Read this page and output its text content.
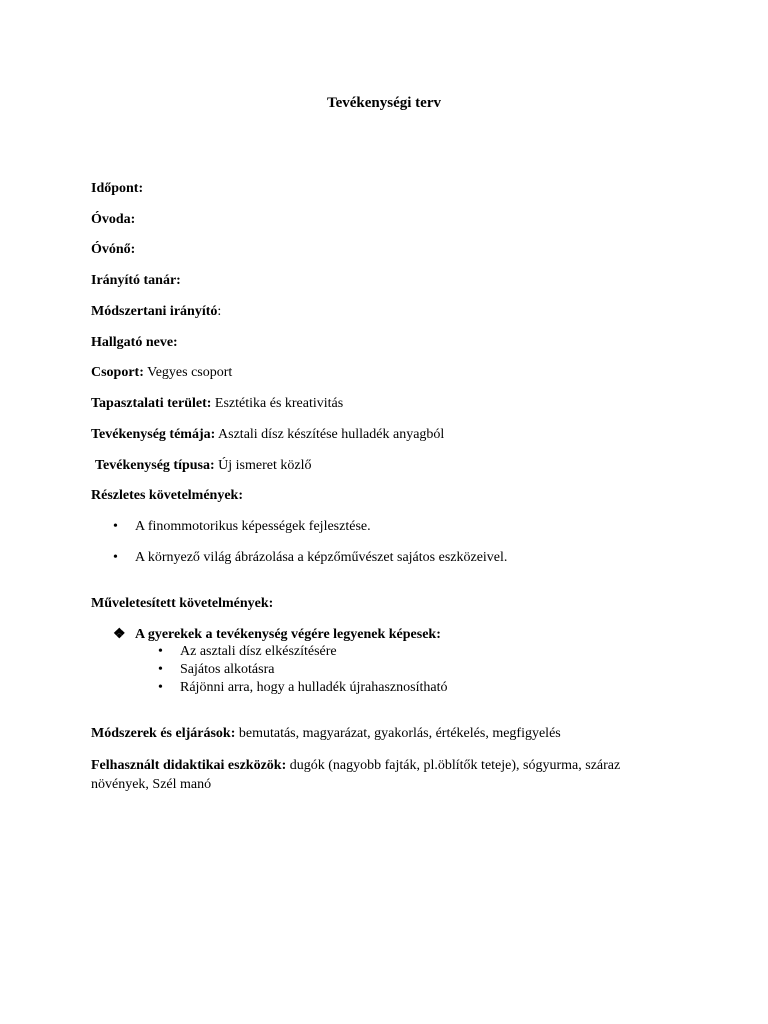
Tevékenységi terv
Időpont:
Óvoda:
Óvónő:
Irányító tanár:
Módszertani irányító:
Hallgató neve:
Csoport: Vegyes csoport
Tapasztalati terület: Esztétika és kreativitás
Tevékenység témája: Asztali dísz készítése hulladék anyagból
Tevékenység típusa: Új ismeret közlő
Részletes követelmények:
• A finommotorikus képességek fejlesztése.
• A környező világ ábrázolása a képzőművészet sajátos eszközeivel.
Műveletesített követelmények:
❖ A gyerekek a tevékenység végére legyenek képesek:
• Az asztali dísz elkészítésére
• Sajátos alkotásra
• Rájönni arra, hogy a hulladék újrahasznosítható
Módszerek és eljárások: bemutatás, magyarázat, gyakorlás, értékelés, megfigyelés
Felhasznált didaktikai eszközök: dugók (nagyobb fajták, pl.öblítők teteje), sógyurma, száraz növények, Szél manó
